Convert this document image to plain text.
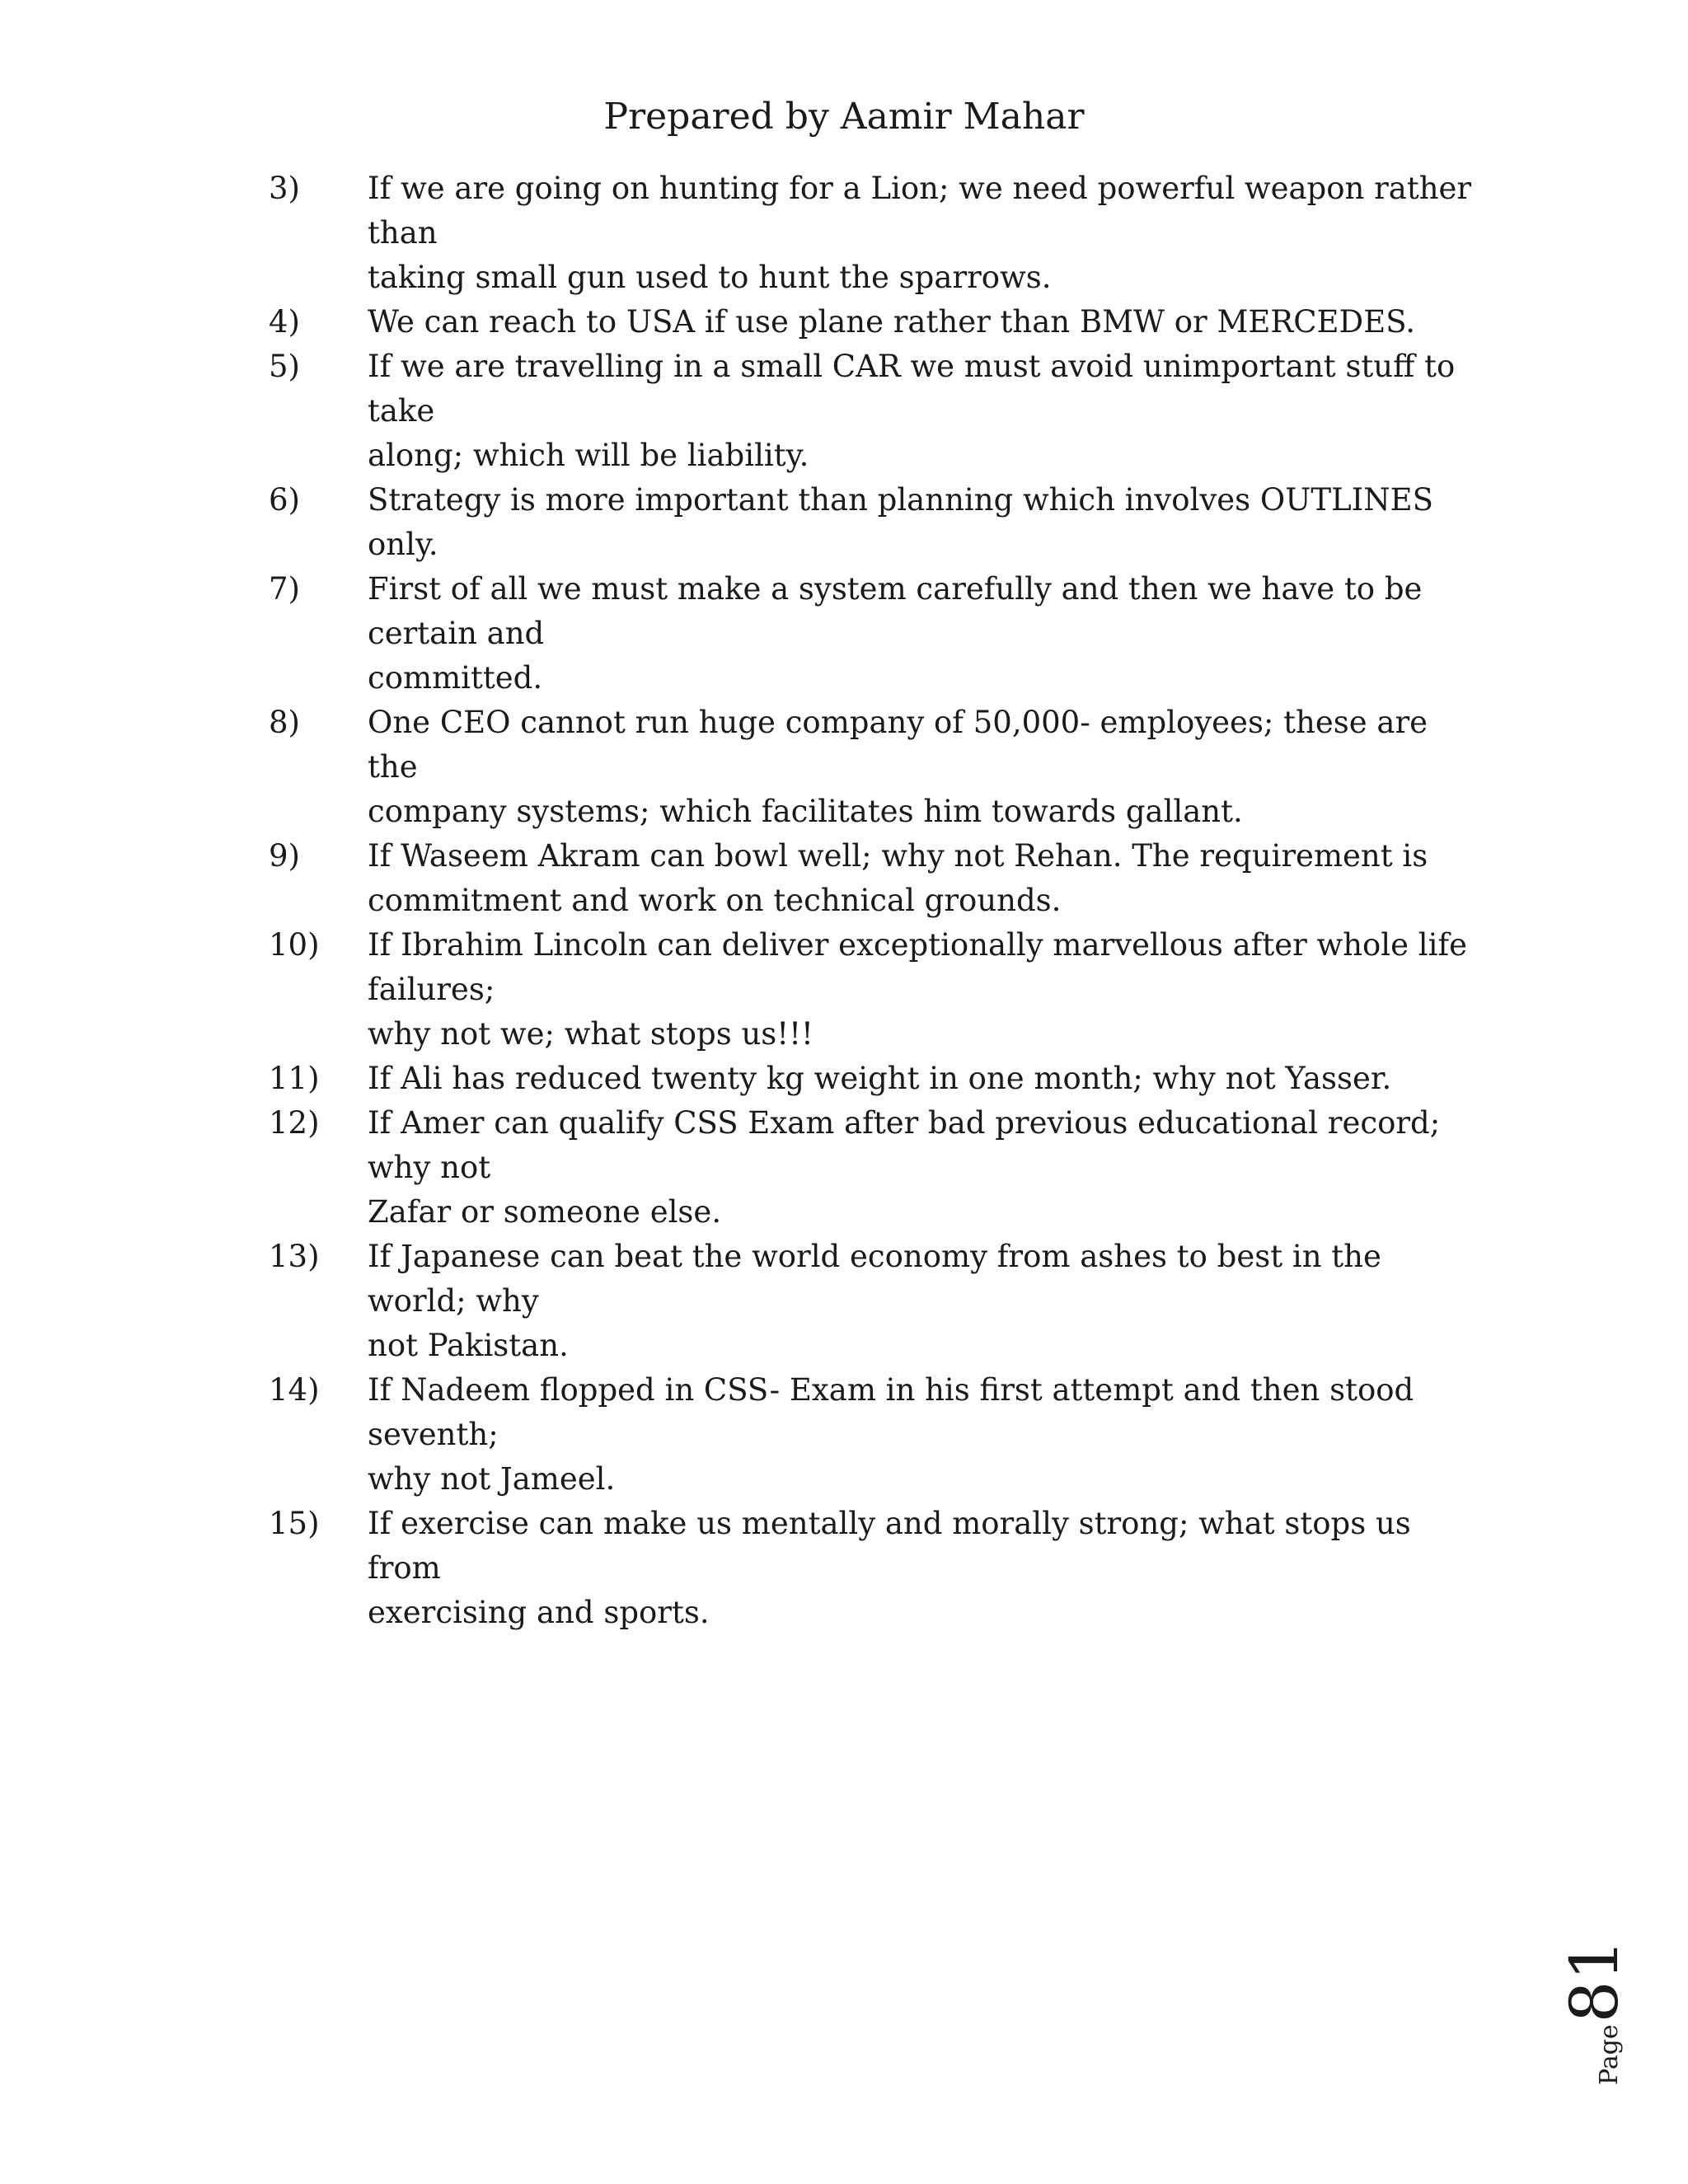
Prepared by Aamir Mahar
3)	If we are going on hunting for a Lion; we need powerful weapon rather than
taking small gun used to hunt the sparrows.
4)	We can reach to USA if use plane rather than BMW or MERCEDES.
5)	If we are travelling in a small CAR we must avoid unimportant stuff to take
along; which will be liability.
6)	Strategy is more important than planning which involves OUTLINES only.
7)	First of all we must make a system carefully and then we have to be certain and
committed.
8)	One CEO cannot run huge company of 50,000- employees; these are the
company systems; which facilitates him towards gallant.
9)	If Waseem Akram can bowl well; why not Rehan. The requirement is
commitment and work on technical grounds.
10)	If Ibrahim Lincoln can deliver exceptionally marvellous after whole life failures;
why not we; what stops us!!!
11)	If Ali has reduced twenty kg weight in one month; why not Yasser.
12)	If Amer can qualify CSS Exam after bad previous educational record; why not
Zafar or someone else.
13)	If Japanese can beat the world economy from ashes to best in the world; why
not Pakistan.
14)	If Nadeem flopped in CSS- Exam in his first attempt and then stood seventh;
why not Jameel.
15)	If exercise can make us mentally and morally strong; what stops us from
exercising and sports.
Page
81
